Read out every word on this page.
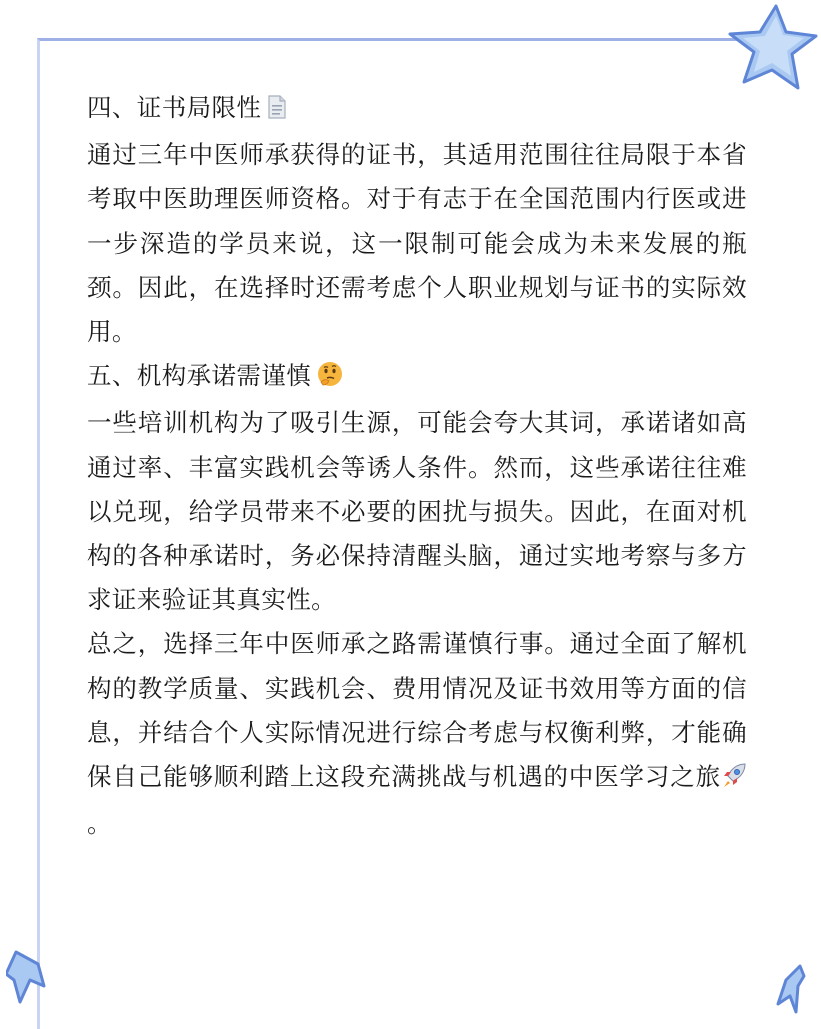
四、证书局限性

通过三年中医师承获得的证书，其适用范围往往局限于本省考取中医助理医师资格。对于有志于在全国范围内行医或进一步深造的学员来说，这一限制可能会成为未来发展的瓶颈。因此，在选择时还需考虑个人职业规划与证书的实际效用。

五、机构承诺需谨慎

一些培训机构为了吸引生源，可能会夸大其词，承诺诸如高通过率、丰富实践机会等诱人条件。然而，这些承诺往往难以兑现，给学员带来不必要的困扰与损失。因此，在面对机构的各种承诺时，务必保持清醒头脑，通过实地考察与多方求证来验证其真实性。

总之，选择三年中医师承之路需谨慎行事。通过全面了解机构的教学质量、实践机会、费用情况及证书效用等方面的信息，并结合个人实际情况进行综合考虑与权衡利弊，才能确保自己能够顺利踏上这段充满挑战与机遇的中医学习之旅。
